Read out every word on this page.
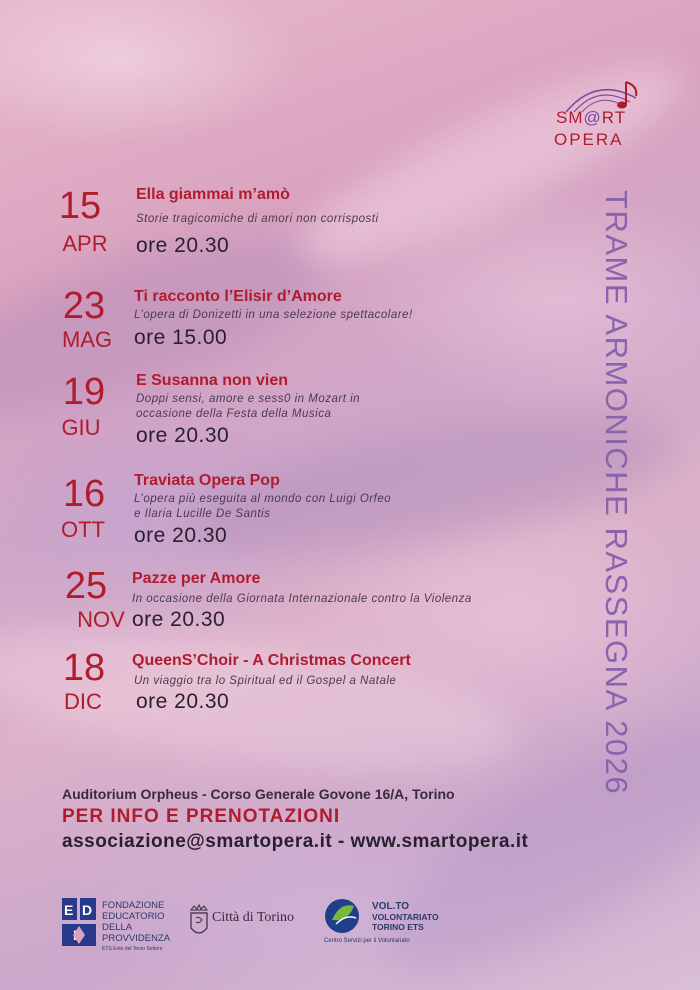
SM@RT
OPERA
TRAME ARMONICHE RASSEGNA 2026
15
APR
Ella giammai m’amò
Storie tragicomiche di amori non corrisposti
ore 20.30
23
MAG
Ti racconto l’Elisir d’Amore
L’opera di Donizetti in una selezione spettacolare!
ore 15.00
19
GIU
E Susanna non vien
Doppi sensi, amore e sess0 in Mozart in
occasione della Festa della Musica
ore 20.30
16
OTT
Traviata Opera Pop
L’opera più eseguita al mondo con Luigi Orfeo
e Ilaria Lucille De Santis
ore 20.30
25
NOV
Pazze per Amore
In occasione della Giornata Internazionale contro la Violenza
ore 20.30
18
DIC
QueenS’Choir - A Christmas Concert
Un viaggio tra lo Spiritual ed il Gospel a Natale
ore 20.30
Auditorium Orpheus - Corso Generale Govone 16/A, Torino
PER INFO E PRENOTAZIONI
associazione@smartopera.it - www.smartopera.it
E D FONDAZIONE
EDUCATORIO
DELLA
PROVVIDENZA
ETS Ente del Terzo Settore
Città di Torino
VOL.TO
VOLONTARIATO
TORINO ETS
Centro Servizi per il Volontariato
